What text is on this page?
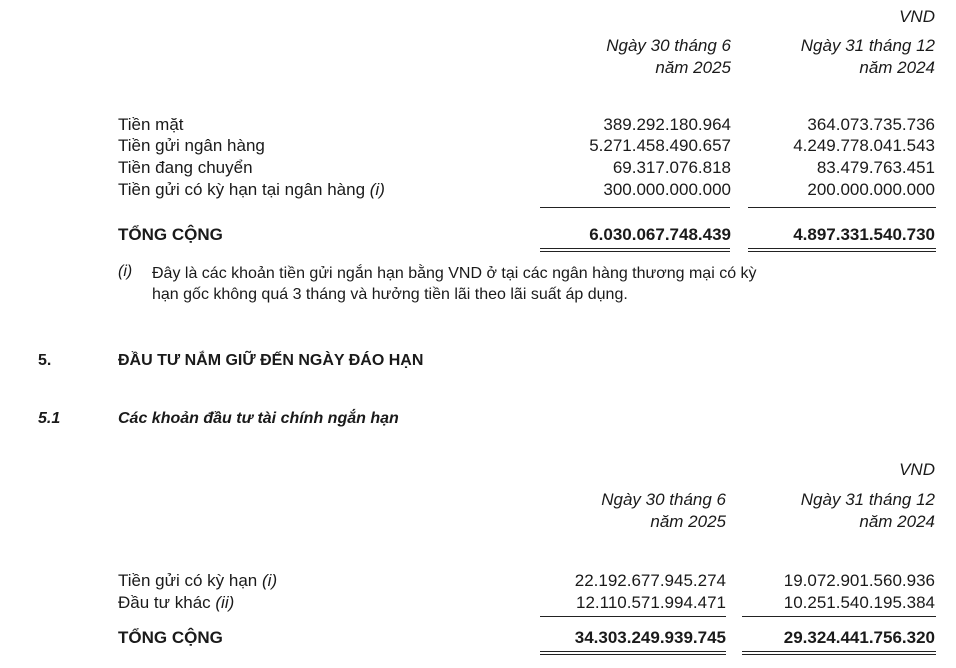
VND
Ngày 30 tháng 6
năm 2025
Ngày 31 tháng 12
năm 2024
Tiền mặt	389.292.180.964	364.073.735.736
Tiền gửi ngân hàng	5.271.458.490.657	4.249.778.041.543
Tiền đang chuyển	69.317.076.818	83.479.763.451
Tiền gửi có kỳ hạn tại ngân hàng (i)	300.000.000.000	200.000.000.000
TỔNG CỘNG	6.030.067.748.439	4.897.331.540.730
(i) Đây là các khoản tiền gửi ngắn hạn bằng VND ở tại các ngân hàng thương mại có kỳ
hạn gốc không quá 3 tháng và hưởng tiền lãi theo lãi suất áp dụng.
5.	ĐẦU TƯ NẮM GIỮ ĐẾN NGÀY ĐÁO HẠN
5.1	Các khoản đầu tư tài chính ngắn hạn
VND
Ngày 30 tháng 6
năm 2025
Ngày 31 tháng 12
năm 2024
Tiền gửi có kỳ hạn (i)	22.192.677.945.274	19.072.901.560.936
Đầu tư khác (ii)	12.110.571.994.471	10.251.540.195.384
TỔNG CỘNG	34.303.249.939.745	29.324.441.756.320
